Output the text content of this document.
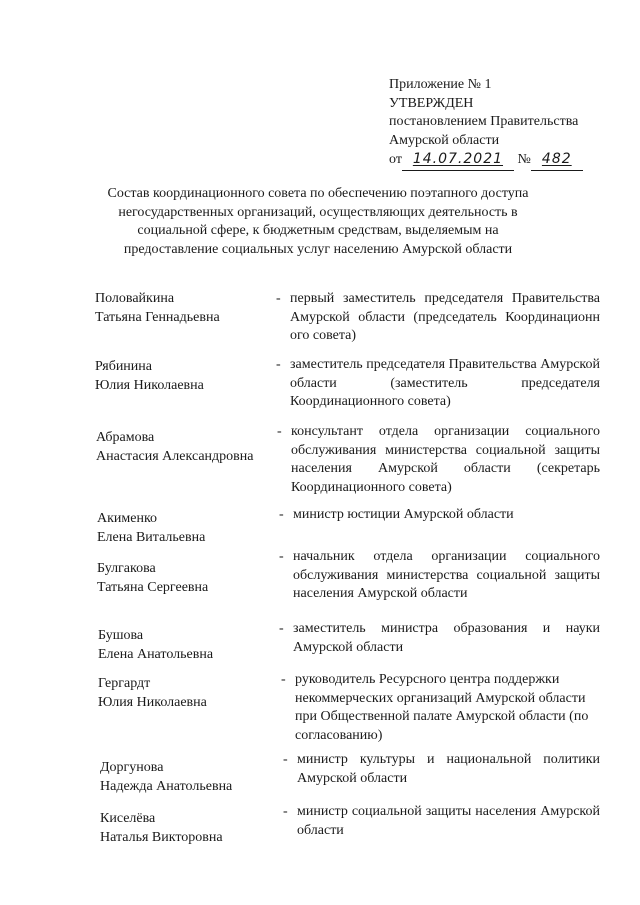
Приложение № 1
УТВЕРЖДЕН
постановлением Правительства
Амурской области
от 14.07.2021 № 482
Состав координационного совета по обеспечению поэтапного доступа негосударственных организаций, осуществляющих деятельность в социальной сфере, к бюджетным средствам, выделяемым на предоставление социальных услуг населению Амурской области
Половайкина
Татьяна Геннадьевна
- первый заместитель председателя Правительства Амурской области (председатель Координационн ого совета)
Рябинина
Юлия Николаевна
- заместитель председателя Правительства Амурской области (заместитель председателя Координационного совета)
Абрамова
Анастасия Александровна
- консультант отдела организации социального обслуживания министерства социальной защиты населения Амурской области (секретарь Координационного совета)
Акименко
Елена Витальевна
- министр юстиции Амурской области
Булгакова
Татьяна Сергеевна
- начальник отдела организации социального обслуживания министерства социальной защиты населения Амурской области
Бушова
Елена Анатольевна
- заместитель министра образования и науки Амурской области
Гергардт
Юлия Николаевна
- руководитель Ресурсного центра поддержки некоммерческих организаций Амурской области при Общественной палате Амурской области (по согласованию)
Доргунова
Надежда Анатольевна
- министр культуры и национальной политики Амурской области
Киселёва
Наталья Викторовна
- министр социальной защиты населения Амурской области
